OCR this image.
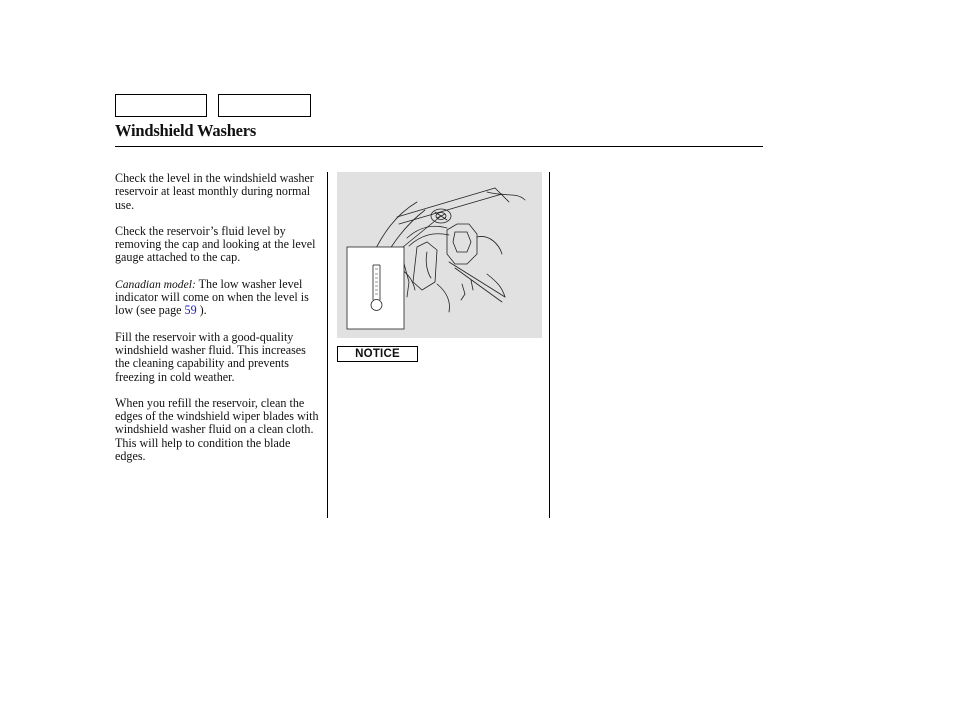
Windshield Washers

Check the level in the windshield washer reservoir at least monthly during normal use.

Check the reservoir’s fluid level by removing the cap and looking at the level gauge attached to the cap.

Canadian model: The low washer level indicator will come on when the level is low (see page 59 ).

Fill the reservoir with a good-quality windshield washer fluid. This increases the cleaning capability and prevents freezing in cold weather.

When you refill the reservoir, clean the edges of the windshield wiper blades with windshield washer fluid on a clean cloth. This will help to condition the blade edges.

NOTICE
